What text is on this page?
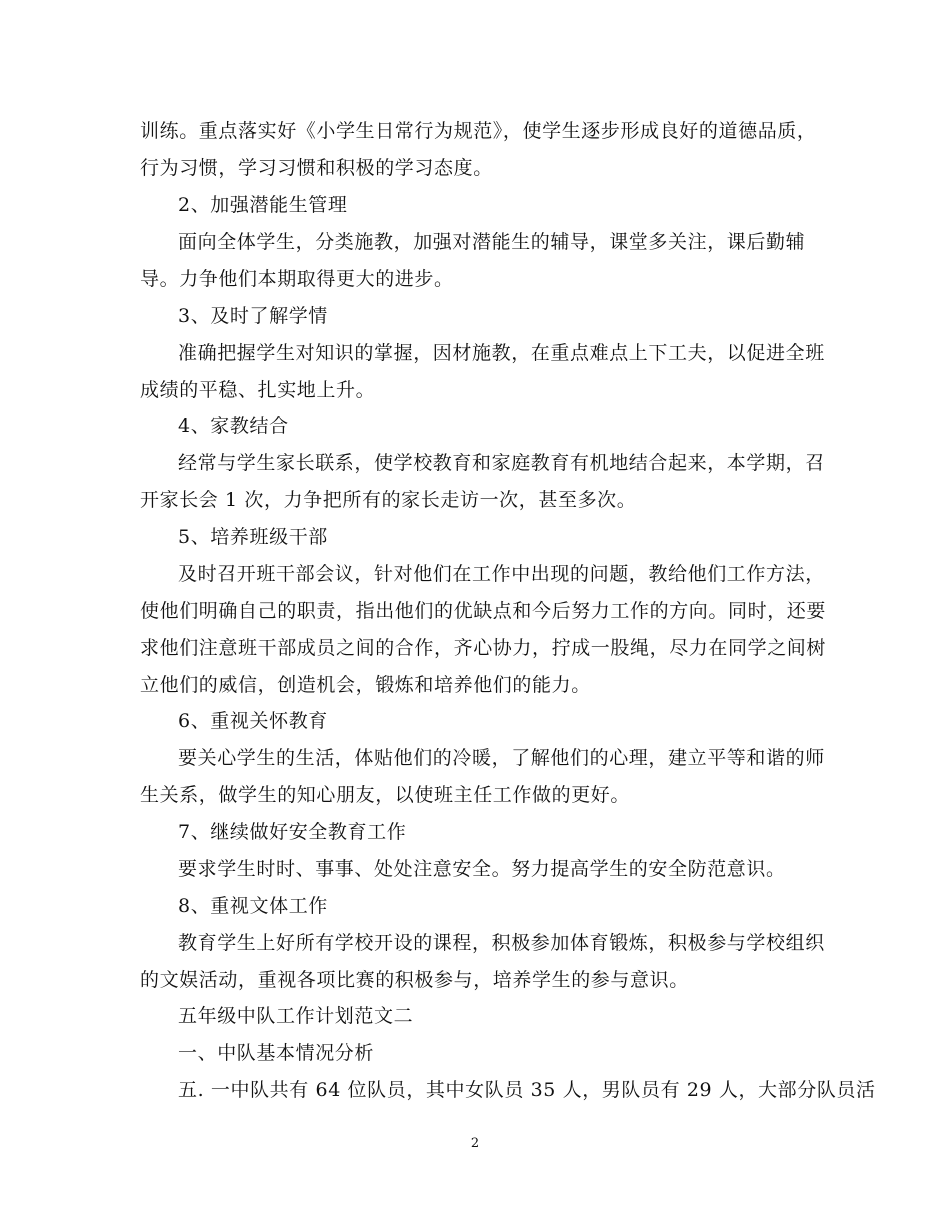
训练。重点落实好《小学生日常行为规范》，使学生逐步形成良好的道德品质，
行为习惯，学习习惯和积极的学习态度。
2、加强潜能生管理
面向全体学生，分类施教，加强对潜能生的辅导，课堂多关注，课后勤辅
导。力争他们本期取得更大的进步。
3、及时了解学情
准确把握学生对知识的掌握，因材施教，在重点难点上下工夫，以促进全班
成绩的平稳、扎实地上升。
4、家教结合
经常与学生家长联系，使学校教育和家庭教育有机地结合起来，本学期，召
开家长会 1 次，力争把所有的家长走访一次，甚至多次。
5、培养班级干部
及时召开班干部会议，针对他们在工作中出现的问题，教给他们工作方法，
使他们明确自己的职责，指出他们的优缺点和今后努力工作的方向。同时，还要
求他们注意班干部成员之间的合作，齐心协力，拧成一股绳，尽力在同学之间树
立他们的威信，创造机会，锻炼和培养他们的能力。
6、重视关怀教育
要关心学生的生活，体贴他们的冷暖，了解他们的心理，建立平等和谐的师
生关系，做学生的知心朋友，以使班主任工作做的更好。
7、继续做好安全教育工作
要求学生时时、事事、处处注意安全。努力提高学生的安全防范意识。
8、重视文体工作
教育学生上好所有学校开设的课程，积极参加体育锻炼，积极参与学校组织
的文娱活动，重视各项比赛的积极参与，培养学生的参与意识。
五年级中队工作计划范文二
一、中队基本情况分析
五. 一中队共有 64 位队员，其中女队员 35 人，男队员有 29 人，大部分队员活
2
